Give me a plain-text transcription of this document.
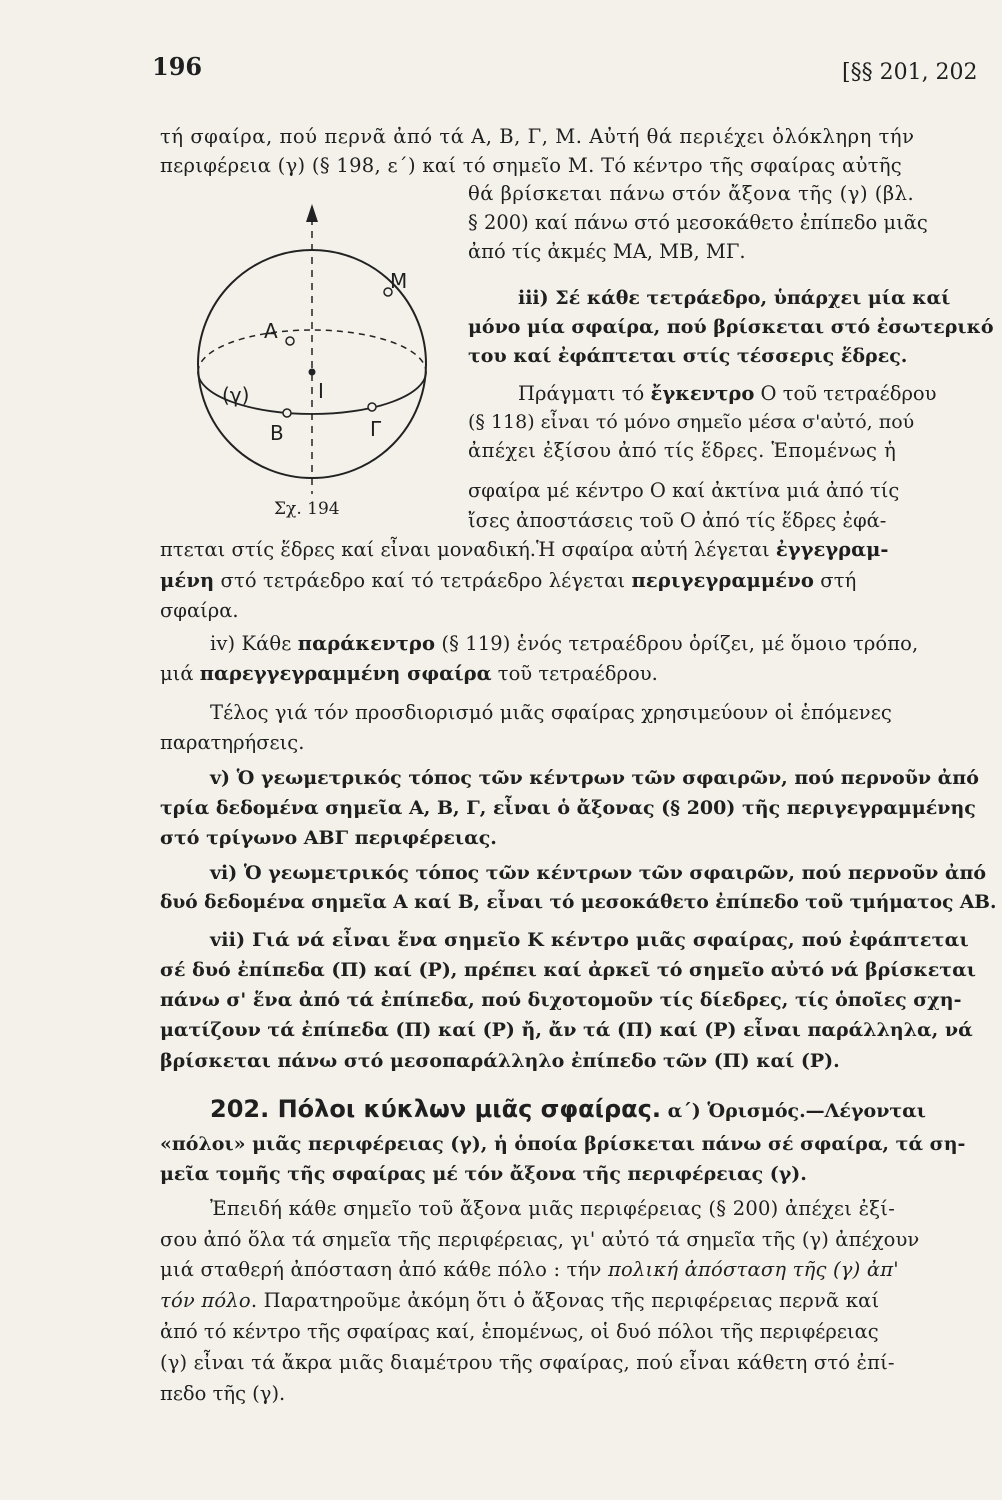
196	[§§ 201, 202
A
M
(γ)	I
B	Γ
Σχ. 194
τή σφαίρα, πού περνᾶ ἀπό τά Α, Β, Γ, Μ. Αὐτή θά περιέχει ὁλόκληρη τήν
περιφέρεια (γ) (§ 198, ε΄) καί τό σημεῖο Μ. Τό κέντρο τῆς σφαίρας αὐτῆς
θά βρίσκεται πάνω στόν ἄξονα τῆς (γ) (βλ.
§ 200) καί πάνω στό μεσοκάθετο ἐπίπεδο μιᾶς
ἀπό τίς ἀκμές ΜΑ, ΜΒ, ΜΓ.
iii) Σέ κάθε τετράεδρο, ὑπάρχει μία καί
μόνο μία σφαίρα, πού βρίσκεται στό ἐσωτερικό
του καί ἐφάπτεται στίς τέσσερις ἕδρες.
Πράγματι τό ἔγκεντρο Ο τοῦ τετραέδρου
(§ 118) εἶναι τό μόνο σημεῖο μέσα σ'αὐτό, πού
ἀπέχει ἐξίσου ἀπό τίς ἕδρες. Ἑπομένως ἡ
σφαίρα μέ κέντρο Ο καί ἀκτίνα μιά ἀπό τίς
ἴσες ἀποστάσεις τοῦ Ο ἀπό τίς ἕδρες ἐφά-
πτεται στίς ἕδρες καί εἶναι μοναδική.Ἡ σφαίρα αὐτή λέγεται ἐγγεγραμ-
μένη στό τετράεδρο καί τό τετράεδρο λέγεται περιγεγραμμένο στή
σφαίρα.
iv) Κάθε παράκεντρο (§ 119) ἑνός τετραέδρου ὁρίζει, μέ ὅμοιο τρόπο,
μιά παρεγγεγραμμένη σφαίρα τοῦ τετραέδρου.
Τέλος γιά τόν προσδιορισμό μιᾶς σφαίρας χρησιμεύουν οἱ ἑπόμενες
παρατηρήσεις.
v) Ὁ γεωμετρικός τόπος τῶν κέντρων τῶν σφαιρῶν, πού περνοῦν ἀπό
τρία δεδομένα σημεῖα Α, Β, Γ, εἶναι ὁ ἄξονας (§ 200) τῆς περιγεγραμμένης
στό τρίγωνο ΑΒΓ περιφέρειας.
vi) Ὁ γεωμετρικός τόπος τῶν κέντρων τῶν σφαιρῶν, πού περνοῦν ἀπό
δυό δεδομένα σημεῖα Α καί Β, εἶναι τό μεσοκάθετο ἐπίπεδο τοῦ τμήματος ΑΒ.
vii) Γιά νά εἶναι ἕνα σημεῖο Κ κέντρο μιᾶς σφαίρας, πού ἐφάπτεται
σέ δυό ἐπίπεδα (Π) καί (Ρ), πρέπει καί ἀρκεῖ τό σημεῖο αὐτό νά βρίσκεται
πάνω σ' ἕνα ἀπό τά ἐπίπεδα, πού διχοτομοῦν τίς δίεδρες, τίς ὁποῖες σχη-
ματίζουν τά ἐπίπεδα (Π) καί (Ρ) ἤ, ἄν τά (Π) καί (Ρ) εἶναι παράλληλα, νά
βρίσκεται πάνω στό μεσοπαράλληλο ἐπίπεδο τῶν (Π) καί (Ρ).
202. Πόλοι κύκλων μιᾶς σφαίρας. α΄) Ὁρισμός.—Λέγονται
«πόλοι» μιᾶς περιφέρειας (γ), ἡ ὁποία βρίσκεται πάνω σέ σφαίρα, τά ση-
μεῖα τομῆς τῆς σφαίρας μέ τόν ἄξονα τῆς περιφέρειας (γ).
Ἐπειδή κάθε σημεῖο τοῦ ἄξονα μιᾶς περιφέρειας (§ 200) ἀπέχει ἐξί-
σου ἀπό ὅλα τά σημεῖα τῆς περιφέρειας, γι' αὐτό τά σημεῖα τῆς (γ) ἀπέχουν
μιά σταθερή ἀπόσταση ἀπό κάθε πόλο : τήν πολική ἀπόσταση τῆς (γ) ἀπ'
τόν πόλο. Παρατηροῦμε ἀκόμη ὅτι ὁ ἄξονας τῆς περιφέρειας περνᾶ καί
ἀπό τό κέντρο τῆς σφαίρας καί, ἑπομένως, οἱ δυό πόλοι τῆς περιφέρειας
(γ) εἶναι τά ἄκρα μιᾶς διαμέτρου τῆς σφαίρας, πού εἶναι κάθετη στό ἐπί-
πεδο τῆς (γ).
